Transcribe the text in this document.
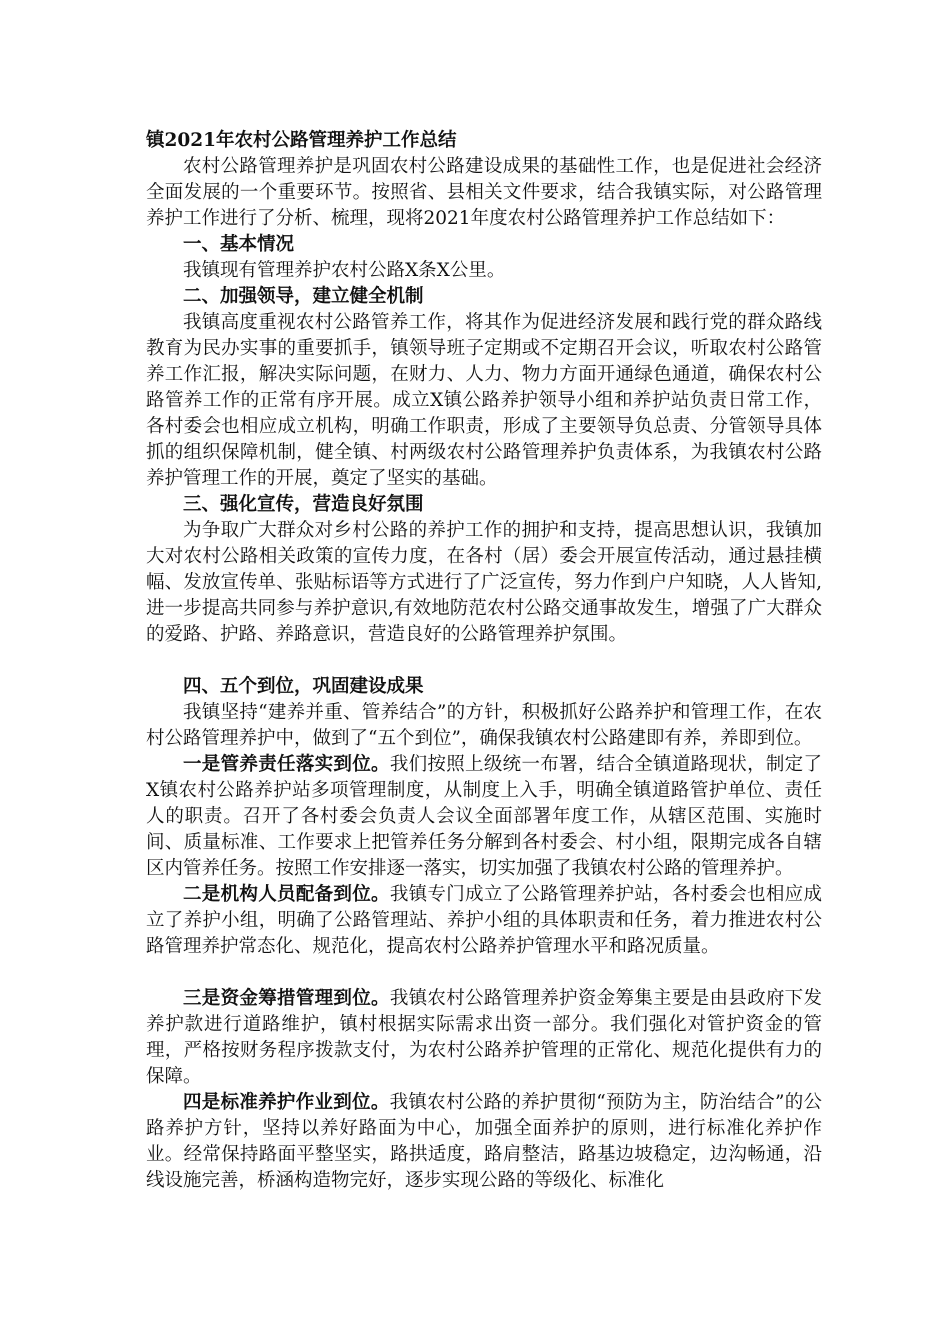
镇2021年农村公路管理养护工作总结

农村公路管理养护是巩固农村公路建设成果的基础性工作，也是促进社会经济全面发展的一个重要环节。按照省、县相关文件要求，结合我镇实际，对公路管理养护工作进行了分析、梳理，现将2021年度农村公路管理养护工作总结如下：

一、基本情况

我镇现有管理养护农村公路X条X公里。

二、加强领导，建立健全机制

我镇高度重视农村公路管养工作，将其作为促进经济发展和践行党的群众路线教育为民办实事的重要抓手，镇领导班子定期或不定期召开会议，听取农村公路管养工作汇报，解决实际问题，在财力、人力、物力方面开通绿色通道，确保农村公路管养工作的正常有序开展。成立X镇公路养护领导小组和养护站负责日常工作，各村委会也相应成立机构，明确工作职责，形成了主要领导负总责、分管领导具体抓的组织保障机制，健全镇、村两级农村公路管理养护负责体系，为我镇农村公路养护管理工作的开展，奠定了坚实的基础。

三、强化宣传，营造良好氛围

为争取广大群众对乡村公路的养护工作的拥护和支持，提高思想认识，我镇加大对农村公路相关政策的宣传力度，在各村（居）委会开展宣传活动，通过悬挂横幅、发放宣传单、张贴标语等方式进行了广泛宣传，努力作到户户知晓，人人皆知,进一步提高共同参与养护意识,有效地防范农村公路交通事故发生，增强了广大群众的爱路、护路、养路意识，营造良好的公路管理养护氛围。

四、五个到位，巩固建设成果

我镇坚持“建养并重、管养结合”的方针，积极抓好公路养护和管理工作，在农村公路管理养护中，做到了“五个到位”，确保我镇农村公路建即有养，养即到位。

一是管养责任落实到位。我们按照上级统一布署，结合全镇道路现状，制定了X镇农村公路养护站多项管理制度，从制度上入手，明确全镇道路管护单位、责任人的职责。召开了各村委会负责人会议全面部署年度工作，从辖区范围、实施时间、质量标准、工作要求上把管养任务分解到各村委会、村小组，限期完成各自辖区内管养任务。按照工作安排逐一落实，切实加强了我镇农村公路的管理养护。

二是机构人员配备到位。我镇专门成立了公路管理养护站，各村委会也相应成立了养护小组，明确了公路管理站、养护小组的具体职责和任务，着力推进农村公路管理养护常态化、规范化，提高农村公路养护管理水平和路况质量。

三是资金筹措管理到位。我镇农村公路管理养护资金筹集主要是由县政府下发养护款进行道路维护，镇村根据实际需求出资一部分。我们强化对管护资金的管理，严格按财务程序拨款支付，为农村公路养护管理的正常化、规范化提供有力的保障。

四是标准养护作业到位。我镇农村公路的养护贯彻“预防为主，防治结合”的公路养护方针，坚持以养好路面为中心，加强全面养护的原则，进行标准化养护作业。经常保持路面平整坚实，路拱适度，路肩整洁，路基边坡稳定，边沟畅通，沿线设施完善，桥涵构造物完好，逐步实现公路的等级化、标准化
